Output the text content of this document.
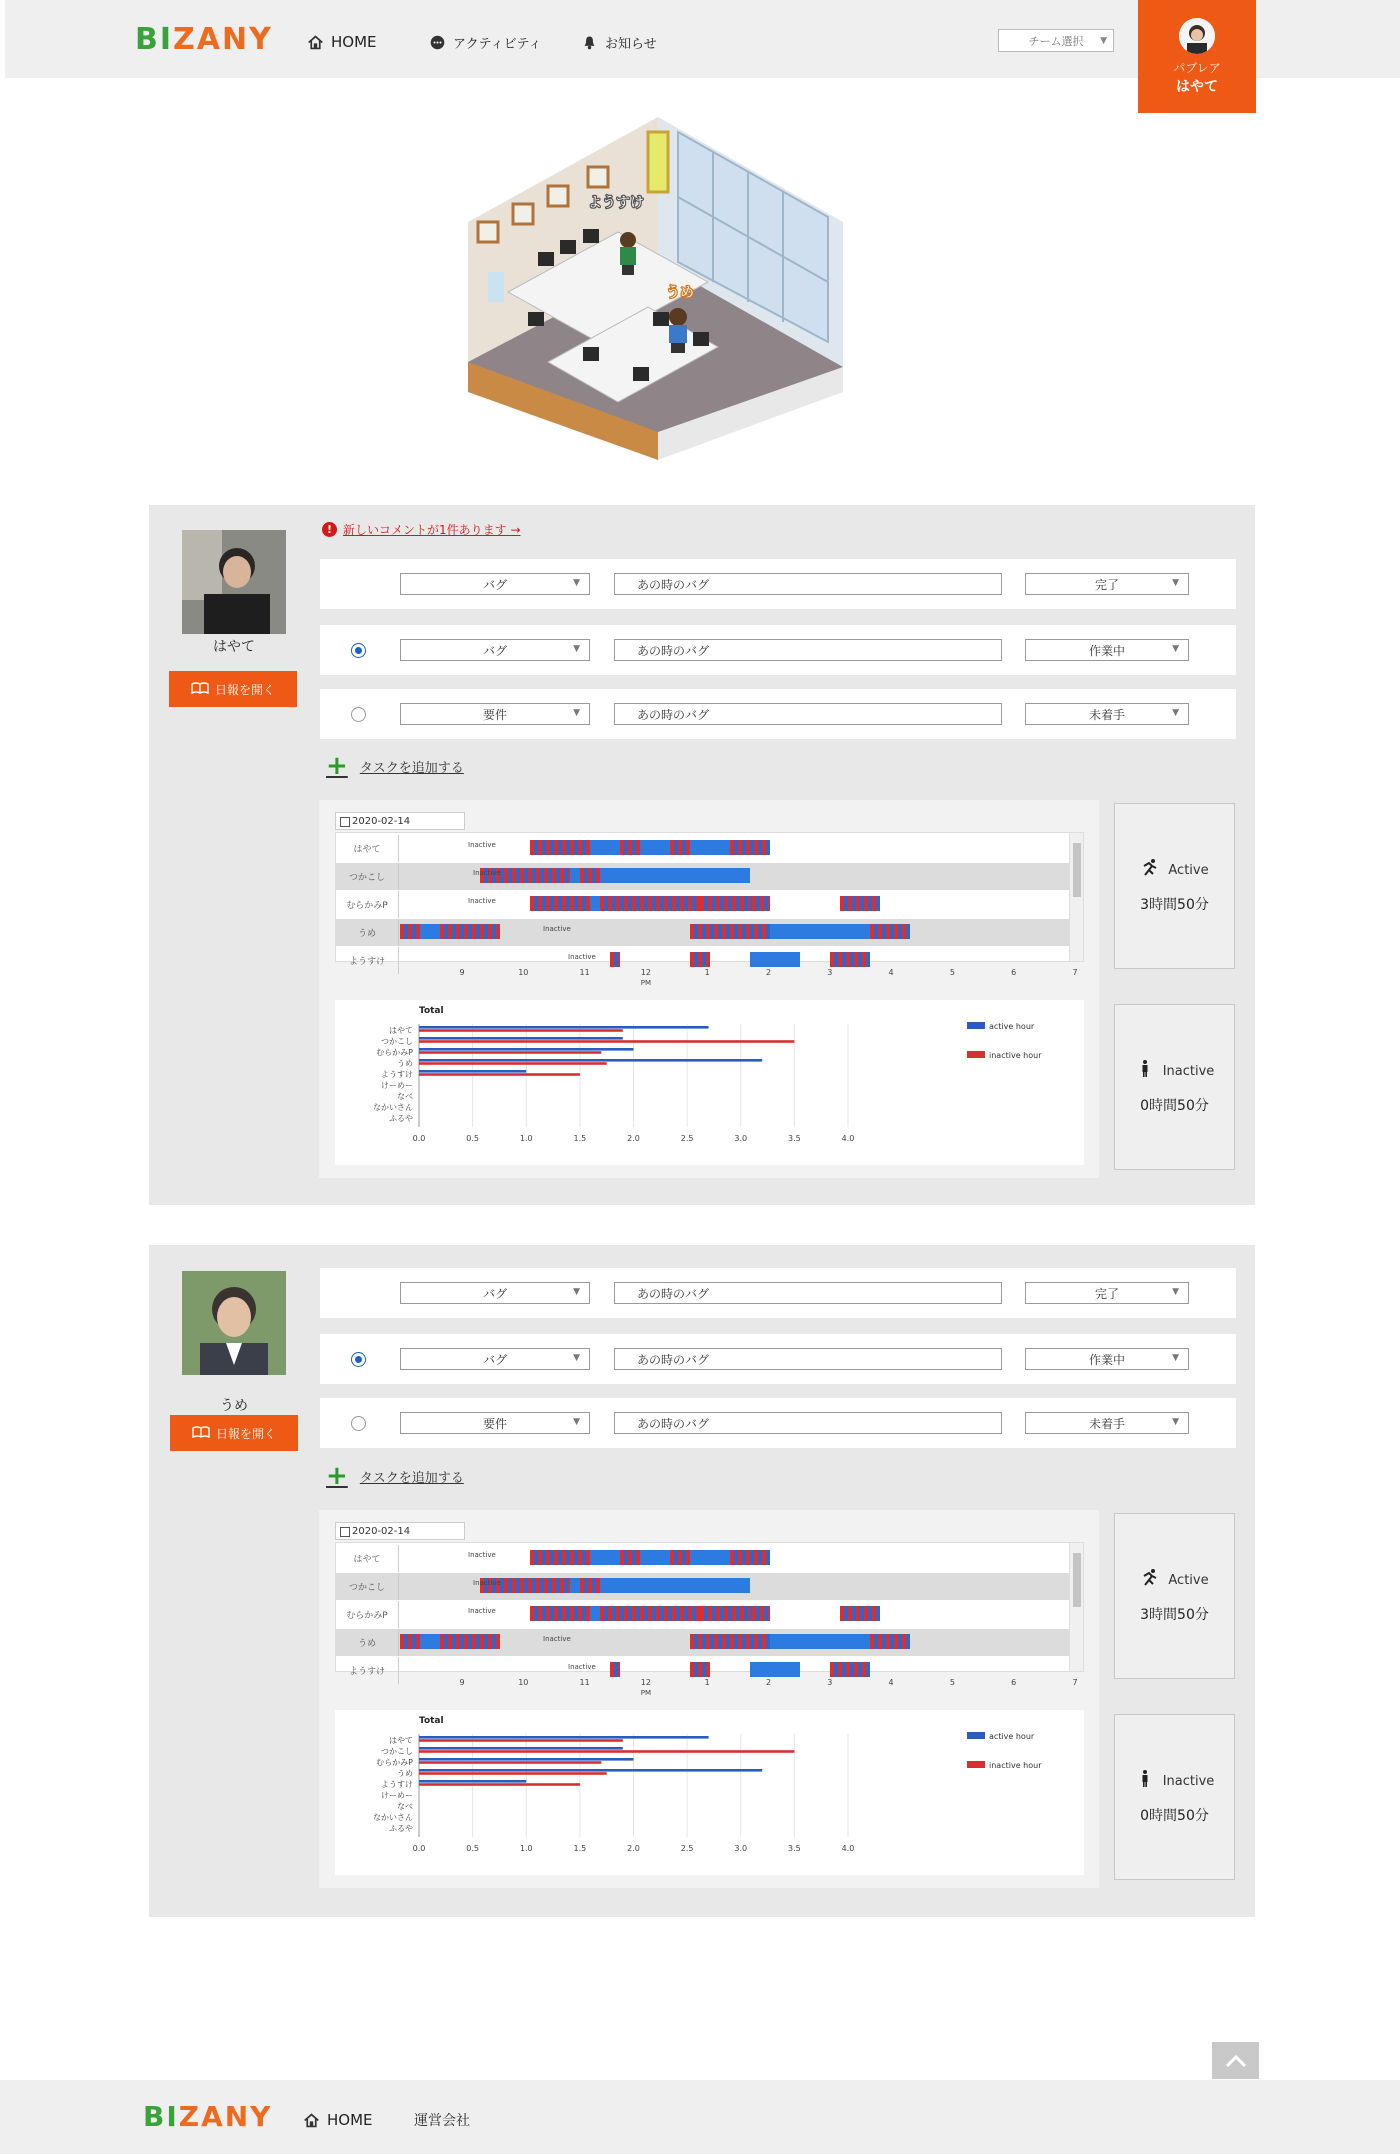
BIZANY	HOME	アクティビティ	お知らせ	チーム選択 ▼
パブレア
はやて
ようすけ
うめ
はやて
日報を開く
! 新しいコメントが1件あります →
バグ	▼	あの時のバグ	完了	▼
バグ	▼	あの時のバグ	作業中	▼
要件	▼	あの時のバグ	未着手	▼
+ タスクを追加する
2020-02-14
はやて	Inactive
つかこし	Inactive
むらかみP	Inactive
うめ	Inactive
ようすけ	Inactive
9	10	11	12	1	2	3	4	5	6	7
PM
Total
0.0	0.5	1.0	1.5	2.0	2.5	3.0	3.5	4.0
はやて
つかこし
むらかみP
うめ
ようすけ
けーめー
なべ
なかいさん
ふるや
active hour
inactive hour
Active
3時間50分
Inactive
0時間50分
うめ
日報を開く
バグ	▼	あの時のバグ	完了	▼
バグ	▼	あの時のバグ	作業中	▼
要件	▼	あの時のバグ	未着手	▼
+ タスクを追加する
2020-02-14
はやて	Inactive
つかこし	Inactive
むらかみP	Inactive
うめ	Inactive
ようすけ	Inactive
9	10	11	12	1	2	3	4	5	6	7
PM
Total
0.0	0.5	1.0	1.5	2.0	2.5	3.0	3.5	4.0
はやて
つかこし
むらかみP
うめ
ようすけ
けーめー
なべ
なかいさん
ふるや
active hour
inactive hour
Active
3時間50分
Inactive
0時間50分
BIZANY	HOME	運営会社
